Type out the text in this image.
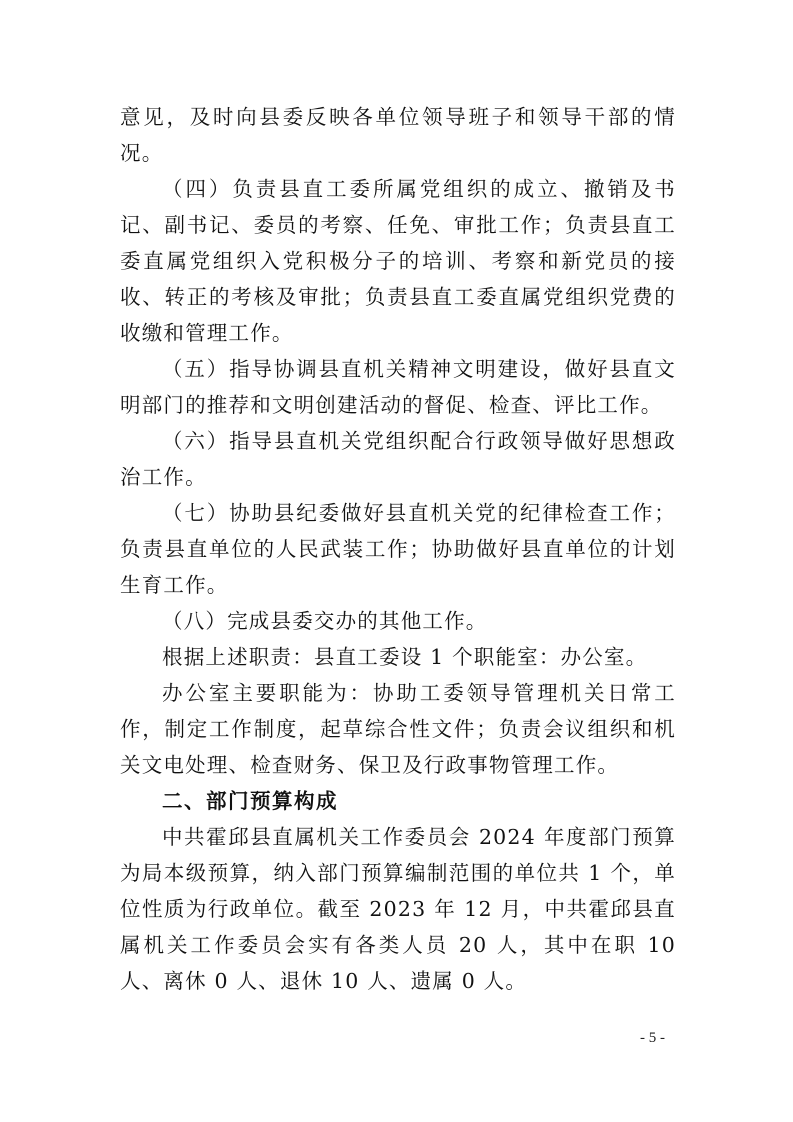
意见，及时向县委反映各单位领导班子和领导干部的情况。

（四）负责县直工委所属党组织的成立、撤销及书记、副书记、委员的考察、任免、审批工作；负责县直工委直属党组织入党积极分子的培训、考察和新党员的接收、转正的考核及审批；负责县直工委直属党组织党费的收缴和管理工作。

（五）指导协调县直机关精神文明建设，做好县直文明部门的推荐和文明创建活动的督促、检查、评比工作。

（六）指导县直机关党组织配合行政领导做好思想政治工作。

（七）协助县纪委做好县直机关党的纪律检查工作；负责县直单位的人民武装工作；协助做好县直单位的计划生育工作。

（八）完成县委交办的其他工作。

根据上述职责：县直工委设 1 个职能室：办公室。

办公室主要职能为：协助工委领导管理机关日常工作，制定工作制度，起草综合性文件；负责会议组织和机关文电处理、检查财务、保卫及行政事物管理工作。

二、部门预算构成

中共霍邱县直属机关工作委员会 2024 年度部门预算为局本级预算，纳入部门预算编制范围的单位共 1 个，单位性质为行政单位。截至 2023 年 12 月，中共霍邱县直属机关工作委员会实有各类人员 20 人，其中在职 10 人、离休 0 人、退休 10 人、遗属 0 人。

- 5 -
